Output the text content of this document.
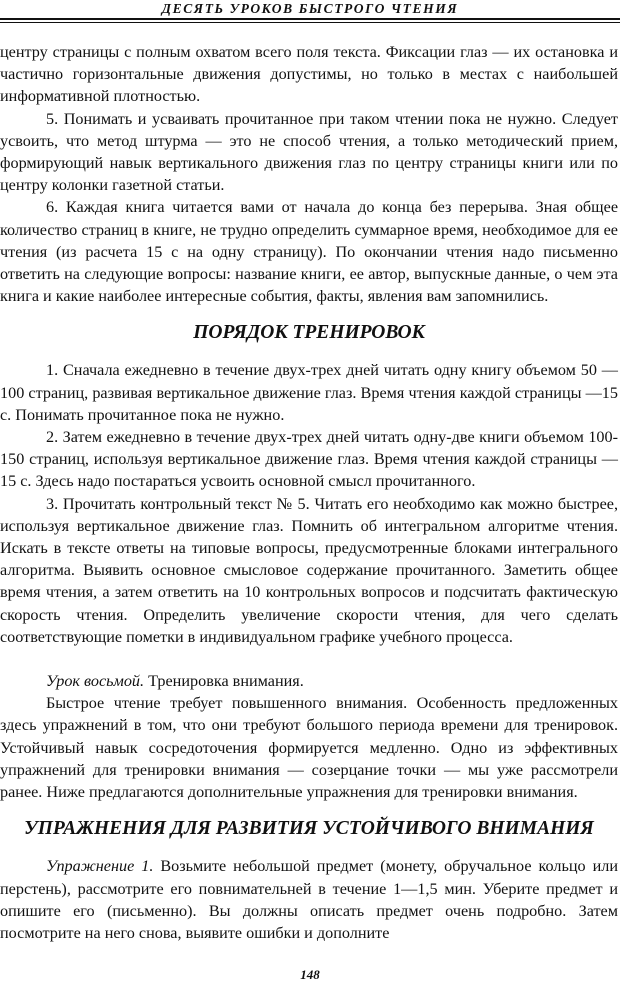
ДЕСЯТЬ УРОКОВ БЫСТРОГО ЧТЕНИЯ

центру страницы с полным охватом всего поля текста. Фиксации глаз — их остановка и частично горизонтальные движения допустимы, но только в местах с наибольшей информативной плотностью.

5. Понимать и усваивать прочитанное при таком чтении пока не нужно. Следует усвоить, что метод штурма — это не способ чтения, а только методический прием, формирующий навык вертикального движения глаз по центру страницы книги или по центру колонки газетной статьи.

6. Каждая книга читается вами от начала до конца без перерыва. Зная общее количество страниц в книге, не трудно определить суммарное время, необходимое для ее чтения (из расчета 15 с на одну страницу). По окончании чтения надо письменно ответить на следующие вопросы: название книги, ее автор, выпускные данные, о чем эта книга и какие наиболее интересные события, факты, явления вам запомнились.

ПОРЯДОК ТРЕНИРОВОК

1. Сначала ежедневно в течение двух-трех дней читать одну книгу объемом 50 —100 страниц, развивая вертикальное движение глаз. Время чтения каждой страницы —15 с. Понимать прочитанное пока не нужно.

2. Затем ежедневно в течение двух-трех дней читать одну-две книги объемом 100-150 страниц, используя вертикальное движение глаз. Время чтения каждой страницы — 15 с. Здесь надо постараться усвоить основной смысл прочитанного.

3. Прочитать контрольный текст № 5. Читать его необходимо как можно быстрее, используя вертикальное движение глаз. Помнить об интегральном алгоритме чтения. Искать в тексте ответы на типовые вопросы, предусмотренные блоками интегрального алгоритма. Выявить основное смысловое содержание прочитанного. Заметить общее время чтения, а затем ответить на 10 контрольных вопросов и подсчитать фактическую скорость чтения. Определить увеличение скорости чтения, для чего сделать соответствующие пометки в индивидуальном графике учебного процесса.

Урок восьмой. Тренировка внимания.

Быстрое чтение требует повышенного внимания. Особенность предложенных здесь упражнений в том, что они требуют большого периода времени для тренировок. Устойчивый навык сосредоточения формируется медленно. Одно из эффективных упражнений для тренировки внимания — созерцание точки — мы уже рассмотрели ранее. Ниже предлагаются дополнительные упражнения для тренировки внимания.

УПРАЖНЕНИЯ ДЛЯ РАЗВИТИЯ УСТОЙЧИВОГО ВНИМАНИЯ

Упражнение 1. Возьмите небольшой предмет (монету, обручальное кольцо или перстень), рассмотрите его повнимательней в течение 1—1,5 мин. Уберите предмет и опишите его (письменно). Вы должны описать предмет очень подробно. Затем посмотрите на него снова, выявите ошибки и дополните

148
